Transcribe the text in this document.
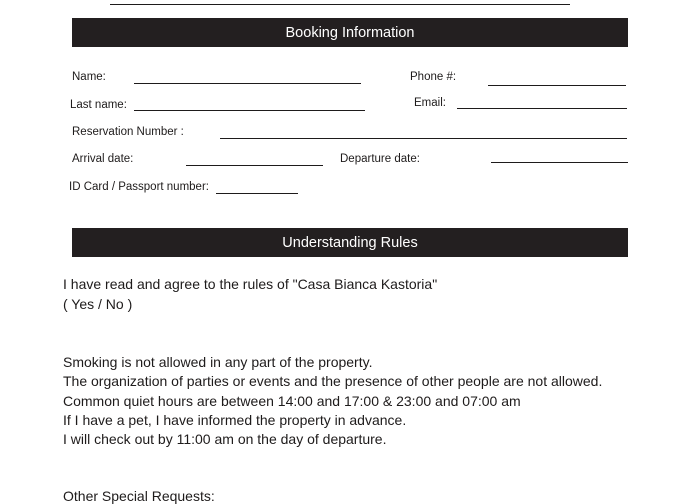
Booking Information
Name:	Phone #:
Last name:	Email:
Reservation Number :
Arrival date:	Departure date:
ID Card / Passport number:
Understanding Rules
I have read and agree to the rules of "Casa Bianca Kastoria"
( Yes / No )
Smoking is not allowed in any part of the property.
The organization of parties or events and the presence of other people are not allowed.
Common quiet hours are between 14:00 and 17:00 & 23:00 and 07:00 am
If I have a pet, I have informed the property in advance.
I will check out by 11:00 am on the day of departure.
Other Special Requests:
